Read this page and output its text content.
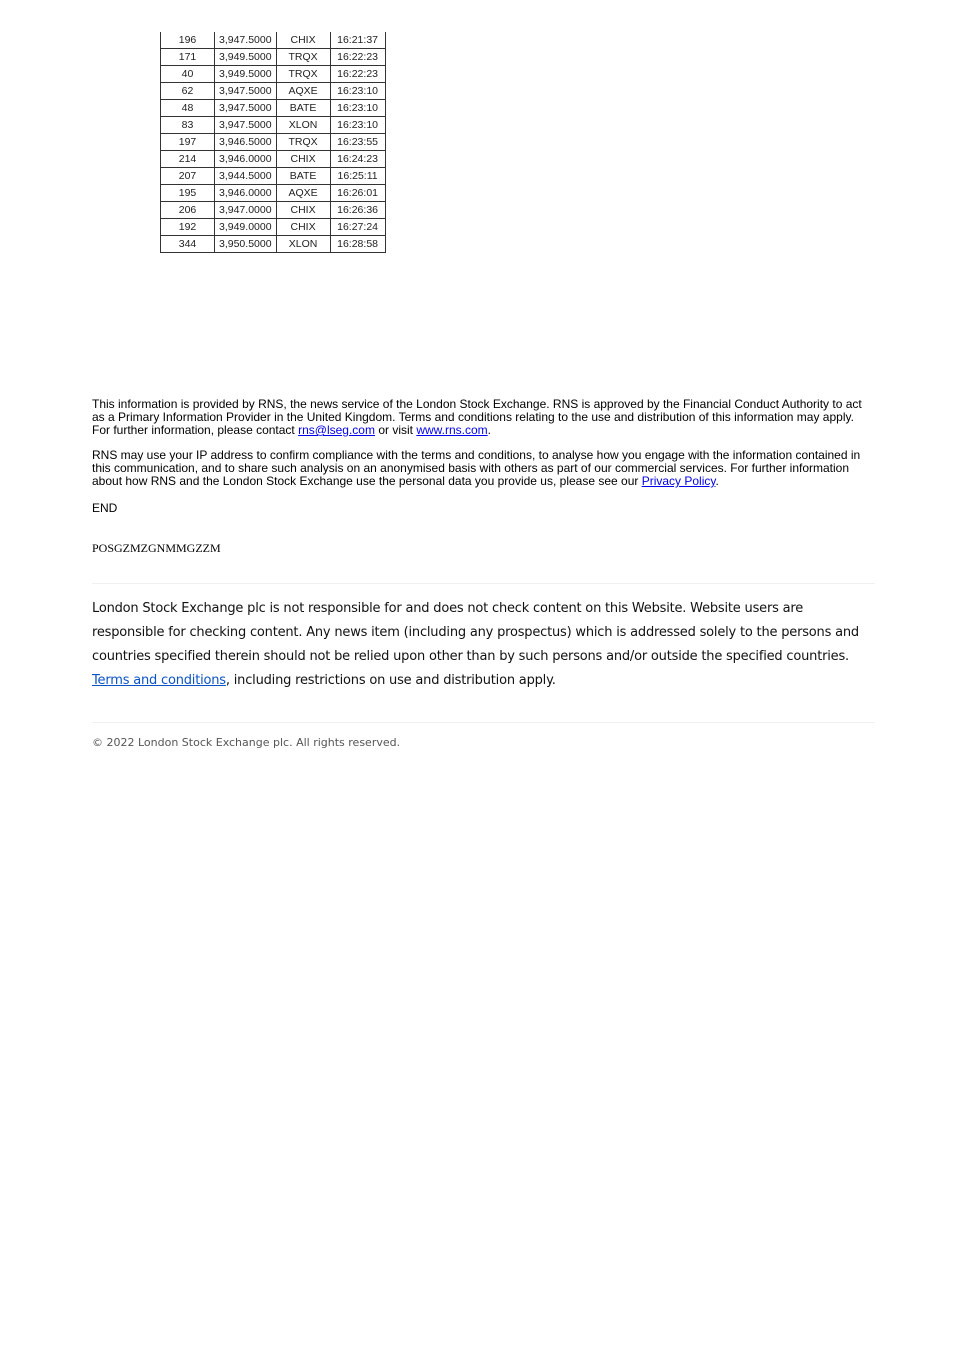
196	3,947.5000	CHIX	16:21:37
171	3,949.5000	TRQX	16:22:23
40	3,949.5000	TRQX	16:22:23
62	3,947.5000	AQXE	16:23:10
48	3,947.5000	BATE	16:23:10
83	3,947.5000	XLON	16:23:10
197	3,946.5000	TRQX	16:23:55
214	3,946.0000	CHIX	16:24:23
207	3,944.5000	BATE	16:25:11
195	3,946.0000	AQXE	16:26:01
206	3,947.0000	CHIX	16:26:36
192	3,949.0000	CHIX	16:27:24
344	3,950.5000	XLON	16:28:58
This information is provided by RNS, the news service of the London Stock Exchange. RNS is approved by the Financial Conduct Authority to act as a Primary Information Provider in the United Kingdom. Terms and conditions relating to the use and distribution of this information may apply. For further information, please contact rns@lseg.com or visit www.rns.com.
RNS may use your IP address to confirm compliance with the terms and conditions, to analyse how you engage with the information contained in this communication, and to share such analysis on an anonymised basis with others as part of our commercial services. For further information about how RNS and the London Stock Exchange use the personal data you provide us, please see our Privacy Policy.
END
POSGZMZGNMMGZZM
London Stock Exchange plc is not responsible for and does not check content on this Website. Website users are responsible for checking content. Any news item (including any prospectus) which is addressed solely to the persons and countries specified therein should not be relied upon other than by such persons and/or outside the specified countries. Terms and conditions, including restrictions on use and distribution apply.
© 2022 London Stock Exchange plc. All rights reserved.
